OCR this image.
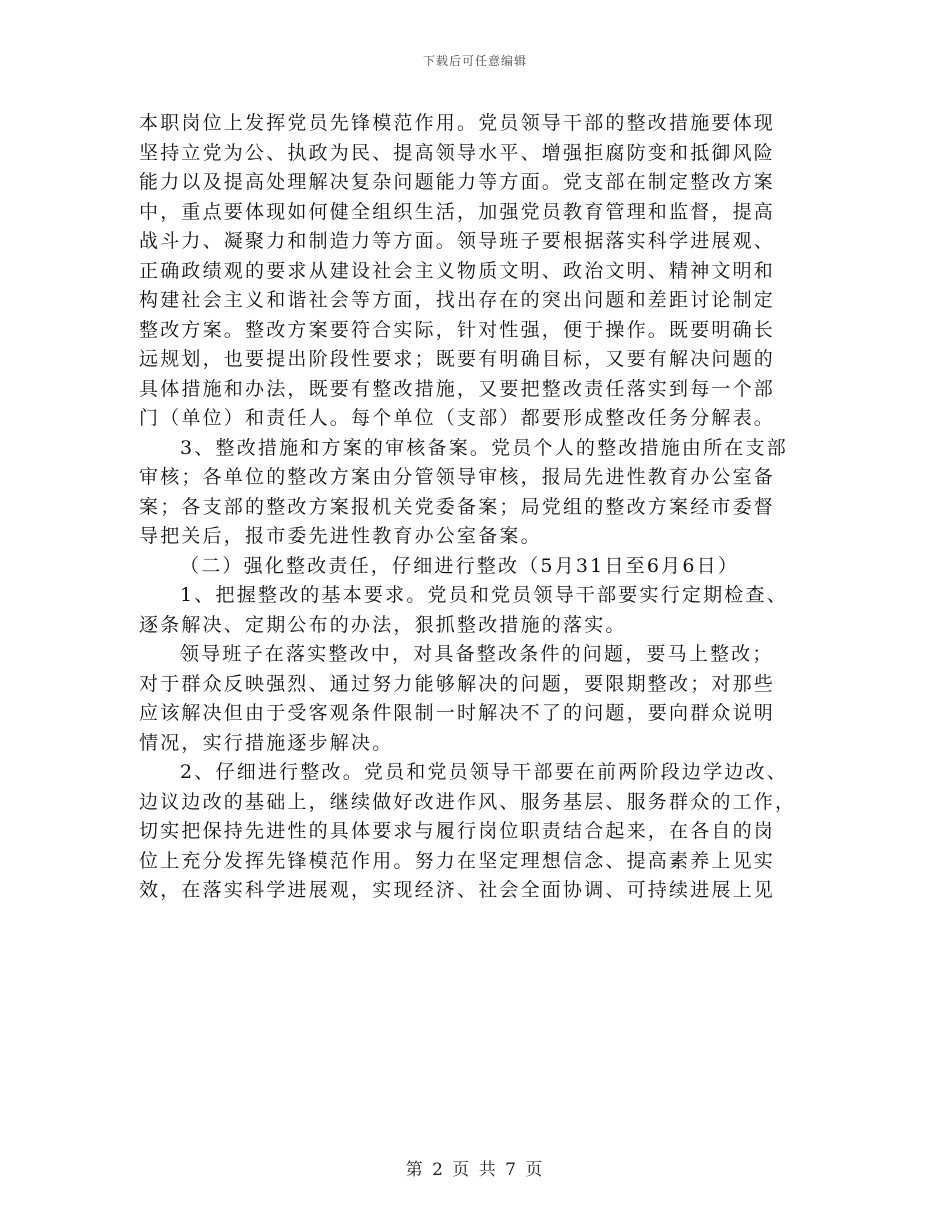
下载后可任意编辑
本职岗位上发挥党员先锋模范作用。党员领导干部的整改措施要体现
坚持立党为公、执政为民、提高领导水平、增强拒腐防变和抵御风险
能力以及提高处理解决复杂问题能力等方面。党支部在制定整改方案
中，重点要体现如何健全组织生活，加强党员教育管理和监督，提高
战斗力、凝聚力和制造力等方面。领导班子要根据落实科学进展观、
正确政绩观的要求从建设社会主义物质文明、政治文明、精神文明和
构建社会主义和谐社会等方面，找出存在的突出问题和差距讨论制定
整改方案。整改方案要符合实际，针对性强，便于操作。既要明确长
远规划，也要提出阶段性要求；既要有明确目标，又要有解决问题的
具体措施和办法，既要有整改措施，又要把整改责任落实到每一个部
门（单位）和责任人。每个单位（支部）都要形成整改任务分解表。
3、整改措施和方案的审核备案。党员个人的整改措施由所在支部
审核；各单位的整改方案由分管领导审核，报局先进性教育办公室备
案；各支部的整改方案报机关党委备案；局党组的整改方案经市委督
导把关后，报市委先进性教育办公室备案。
（二）强化整改责任，仔细进行整改（5月31日至6月6日）
1、把握整改的基本要求。党员和党员领导干部要实行定期检查、
逐条解决、定期公布的办法，狠抓整改措施的落实。
领导班子在落实整改中，对具备整改条件的问题，要马上整改；
对于群众反映强烈、通过努力能够解决的问题，要限期整改；对那些
应该解决但由于受客观条件限制一时解决不了的问题，要向群众说明
情况，实行措施逐步解决。
2、仔细进行整改。党员和党员领导干部要在前两阶段边学边改、
边议边改的基础上，继续做好改进作风、服务基层、服务群众的工作，
切实把保持先进性的具体要求与履行岗位职责结合起来，在各自的岗
位上充分发挥先锋模范作用。努力在坚定理想信念、提高素养上见实
效，在落实科学进展观，实现经济、社会全面协调、可持续进展上见
第 2 页 共 7 页
